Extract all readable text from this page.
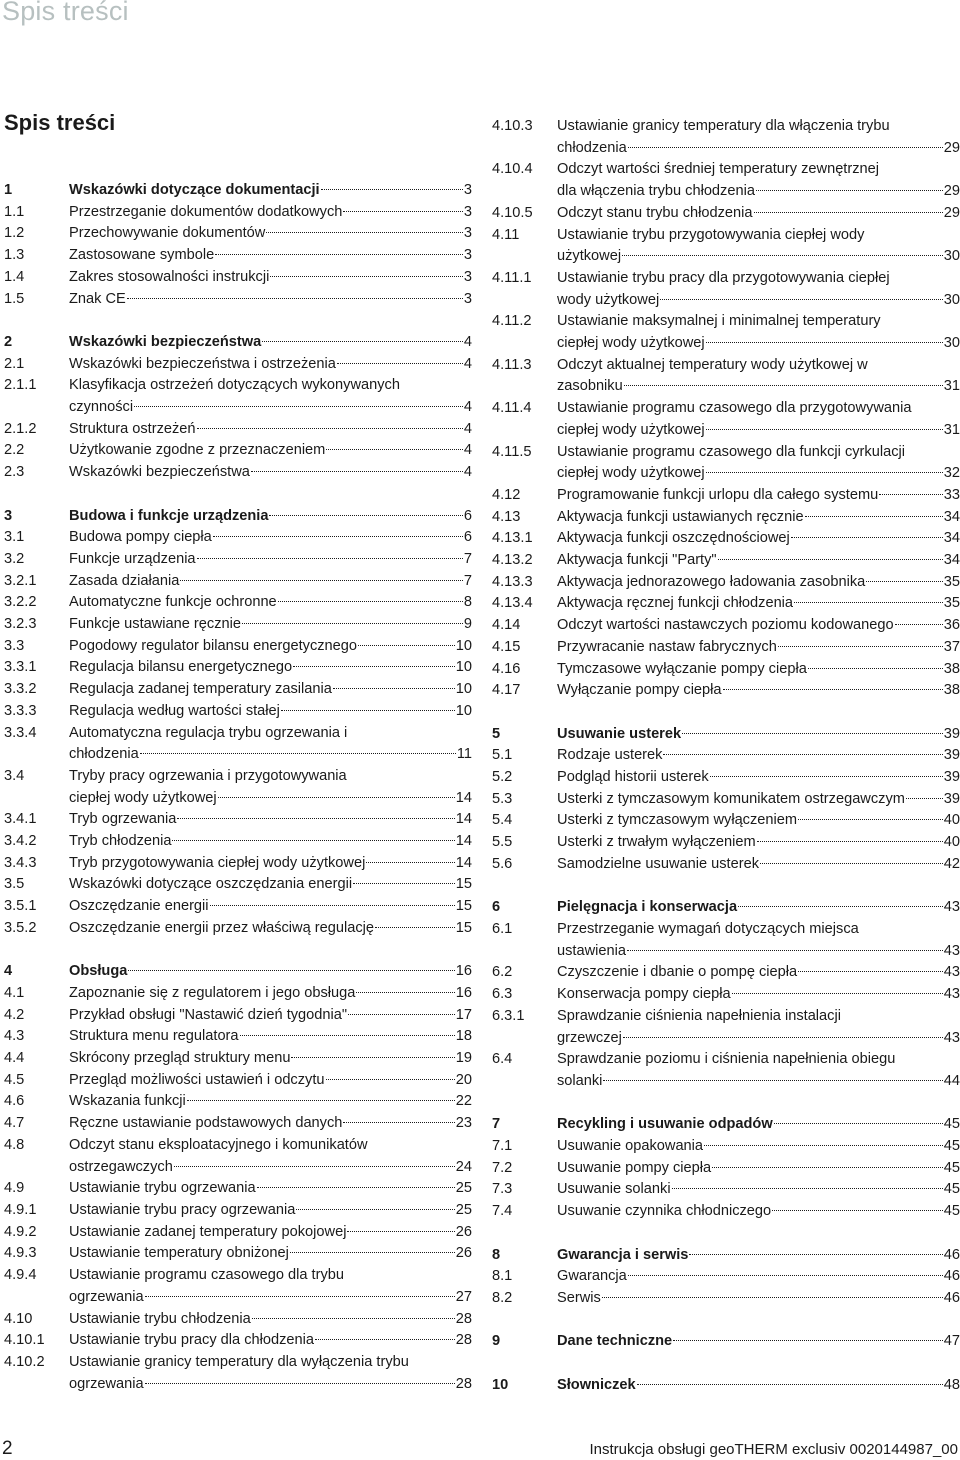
Spis treści
Spis treści
1	Wskazówki dotyczące dokumentacji	3
1.1	Przestrzeganie dokumentów dodatkowych	3
1.2	Przechowywanie dokumentów	3
1.3	Zastosowane symbole	3
1.4	Zakres stosowalności instrukcji	3
1.5	Znak CE	3
2	Wskazówki bezpieczeństwa	4
2.1	Wskazówki bezpieczeństwa i ostrzeżenia	4
2.1.1	Klasyfikacja ostrzeżeń dotyczących wykonywanych
czynności	4
2.1.2	Struktura ostrzeżeń	4
2.2	Użytkowanie zgodne z przeznaczeniem	4
2.3	Wskazówki bezpieczeństwa	4
3	Budowa i funkcje urządzenia	6
3.1	Budowa pompy ciepła	6
3.2	Funkcje urządzenia	7
3.2.1	Zasada działania	7
3.2.2	Automatyczne funkcje ochronne	8
3.2.3	Funkcje ustawiane ręcznie	9
3.3	Pogodowy regulator bilansu energetycznego	10
3.3.1	Regulacja bilansu energetycznego	10
3.3.2	Regulacja zadanej temperatury zasilania	10
3.3.3	Regulacja według wartości stałej	10
3.3.4	Automatyczna regulacja trybu ogrzewania i
chłodzenia	11
3.4	Tryby pracy ogrzewania i przygotowywania
ciepłej wody użytkowej	14
3.4.1	Tryb ogrzewania	14
3.4.2	Tryb chłodzenia	14
3.4.3	Tryb przygotowywania ciepłej wody użytkowej	14
3.5	Wskazówki dotyczące oszczędzania energii	15
3.5.1	Oszczędzanie energii	15
3.5.2	Oszczędzanie energii przez właściwą regulację	15
4	Obsługa	16
4.1	Zapoznanie się z regulatorem i jego obsługa	16
4.2	Przykład obsługi "Nastawić dzień tygodnia"	17
4.3	Struktura menu regulatora	18
4.4	Skrócony przegląd struktury menu	19
4.5	Przegląd możliwości ustawień i odczytu	20
4.6	Wskazania funkcji	22
4.7	Ręczne ustawianie podstawowych danych	23
4.8	Odczyt stanu eksploatacyjnego i komunikatów
ostrzegawczych	24
4.9	Ustawianie trybu ogrzewania	25
4.9.1	Ustawianie trybu pracy ogrzewania	25
4.9.2	Ustawianie zadanej temperatury pokojowej	26
4.9.3	Ustawianie temperatury obniżonej	26
4.9.4	Ustawianie programu czasowego dla trybu
ogrzewania	27
4.10	Ustawianie trybu chłodzenia	28
4.10.1	Ustawianie trybu pracy dla chłodzenia	28
4.10.2	Ustawianie granicy temperatury dla wyłączenia trybu
ogrzewania	28
4.10.3	Ustawianie granicy temperatury dla włączenia trybu
chłodzenia	29
4.10.4	Odczyt wartości średniej temperatury zewnętrznej
dla włączenia trybu chłodzenia	29
4.10.5	Odczyt stanu trybu chłodzenia	29
4.11	Ustawianie trybu przygotowywania ciepłej wody
użytkowej	30
4.11.1	Ustawianie trybu pracy dla przygotowywania ciepłej
wody użytkowej	30
4.11.2	Ustawianie maksymalnej i minimalnej temperatury
ciepłej wody użytkowej	30
4.11.3	Odczyt aktualnej temperatury wody użytkowej w
zasobniku	31
4.11.4	Ustawianie programu czasowego dla przygotowywania
ciepłej wody użytkowej	31
4.11.5	Ustawianie programu czasowego dla funkcji cyrkulacji
ciepłej wody użytkowej	32
4.12	Programowanie funkcji urlopu dla całego systemu	33
4.13	Aktywacja funkcji ustawianych ręcznie	34
4.13.1	Aktywacja funkcji oszczędnościowej	34
4.13.2	Aktywacja funkcji "Party"	34
4.13.3	Aktywacja jednorazowego ładowania zasobnika	35
4.13.4	Aktywacja ręcznej funkcji chłodzenia	35
4.14	Odczyt wartości nastawczych poziomu kodowanego	36
4.15	Przywracanie nastaw fabrycznych	37
4.16	Tymczasowe wyłączanie pompy ciepła	38
4.17	Wyłączanie pompy ciepła	38
5	Usuwanie usterek	39
5.1	Rodzaje usterek	39
5.2	Podgląd historii usterek	39
5.3	Usterki z tymczasowym komunikatem ostrzegawczym	39
5.4	Usterki z tymczasowym wyłączeniem	40
5.5	Usterki z trwałym wyłączeniem	40
5.6	Samodzielne usuwanie usterek	42
6	Pielęgnacja i konserwacja	43
6.1	Przestrzeganie wymagań dotyczących miejsca
ustawienia	43
6.2	Czyszczenie i dbanie o pompę ciepła	43
6.3	Konserwacja pompy ciepła	43
6.3.1	Sprawdzanie ciśnienia napełnienia instalacji
grzewczej	43
6.4	Sprawdzanie poziomu i ciśnienia napełnienia obiegu
solanki	44
7	Recykling i usuwanie odpadów	45
7.1	Usuwanie opakowania	45
7.2	Usuwanie pompy ciepła	45
7.3	Usuwanie solanki	45
7.4	Usuwanie czynnika chłodniczego	45
8	Gwarancja i serwis	46
8.1	Gwarancja	46
8.2	Serwis	46
9	Dane techniczne	47
10	Słowniczek	48
2	Instrukcja obsługi geoTHERM exclusiv 0020144987_00
